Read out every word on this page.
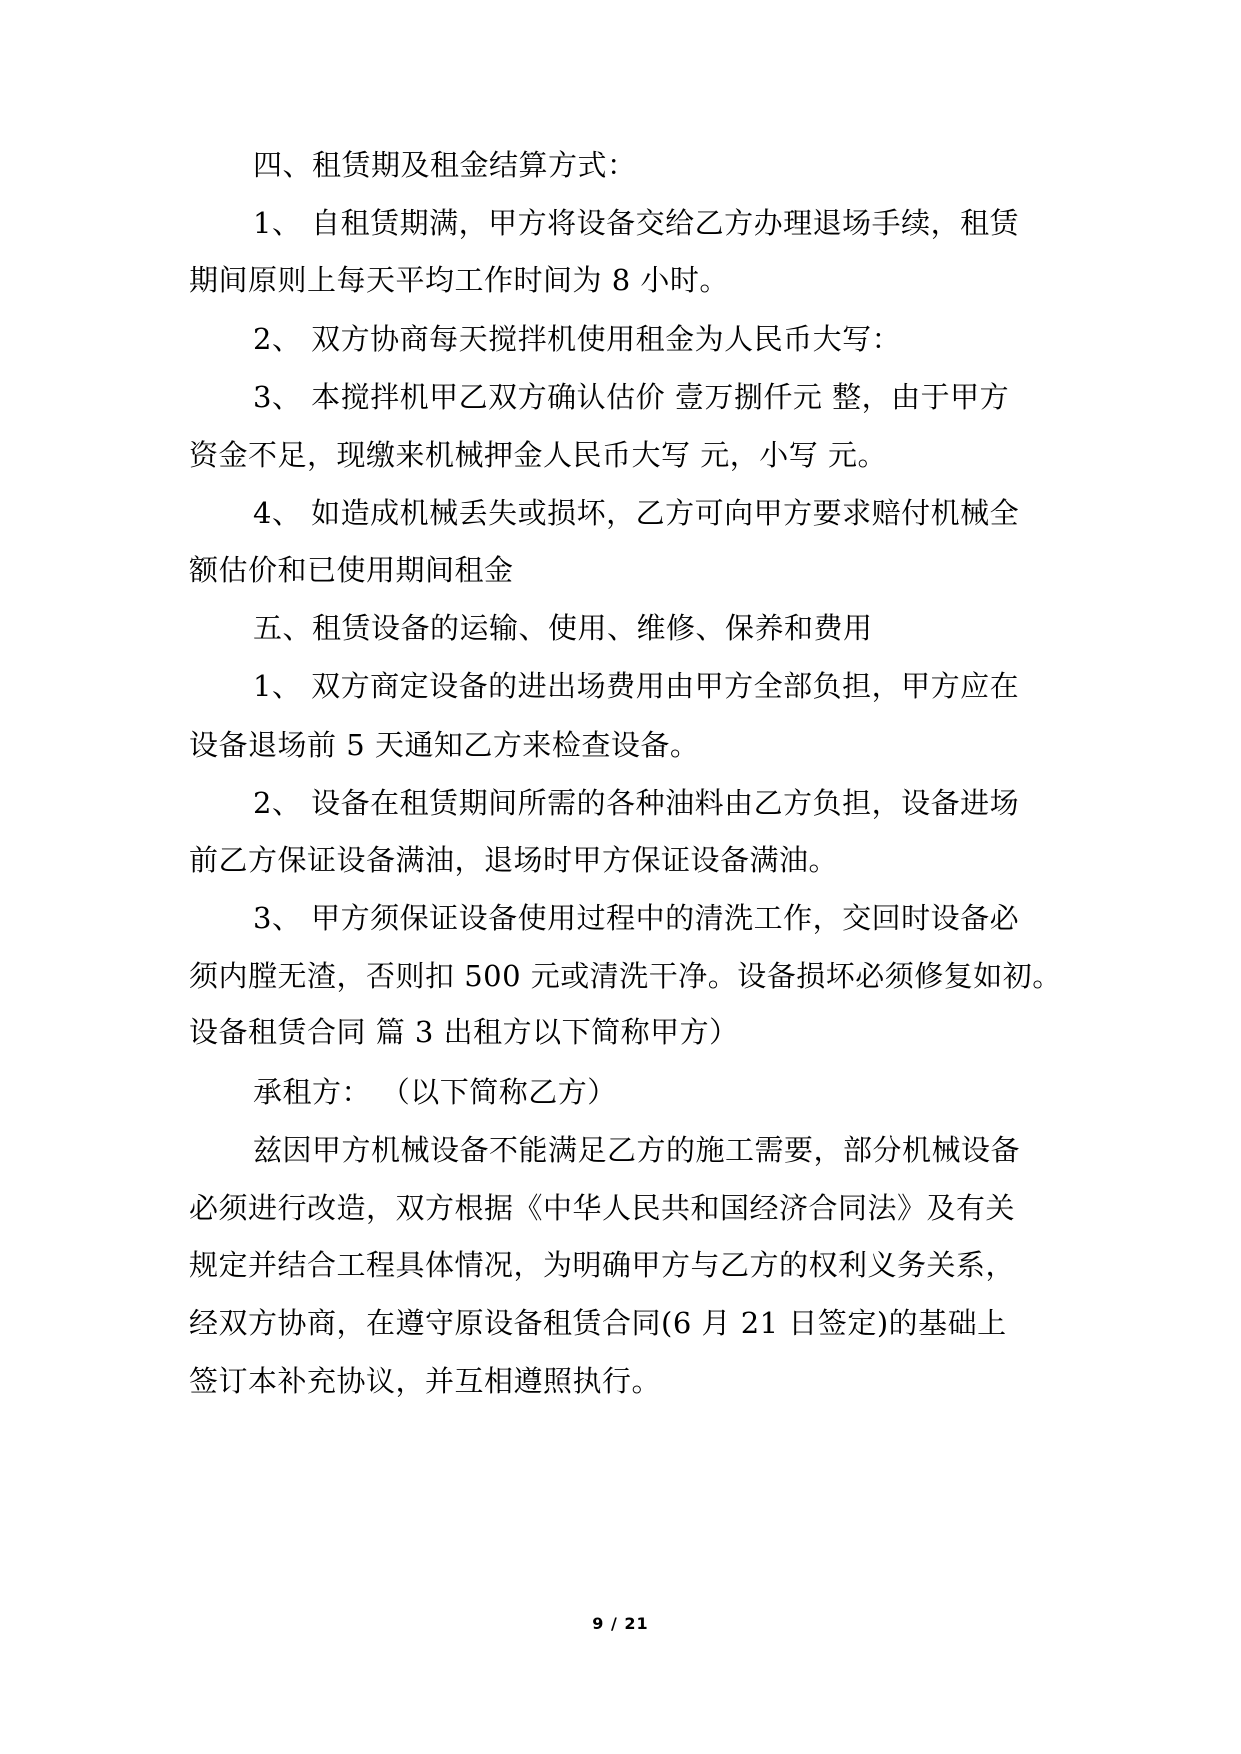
四、租赁期及租金结算方式：
1、 自租赁期满，甲方将设备交给乙方办理退场手续，租赁
期间原则上每天平均工作时间为 8 小时。
2、 双方协商每天搅拌机使用租金为人民币大写：
3、 本搅拌机甲乙双方确认估价 壹万捌仟元 整，由于甲方
资金不足，现缴来机械押金人民币大写 元，小写 元。
4、 如造成机械丢失或损坏，乙方可向甲方要求赔付机械全
额估价和已使用期间租金
五、租赁设备的运输、使用、维修、保养和费用
1、 双方商定设备的进出场费用由甲方全部负担，甲方应在
设备退场前 5 天通知乙方来检查设备。
2、 设备在租赁期间所需的各种油料由乙方负担，设备进场
前乙方保证设备满油，退场时甲方保证设备满油。
3、 甲方须保证设备使用过程中的清洗工作，交回时设备必
须内膛无渣，否则扣 500 元或清洗干净。设备损坏必须修复如初。
设备租赁合同 篇 3 出租方以下简称甲方）
承租方： （以下简称乙方）
兹因甲方机械设备不能满足乙方的施工需要，部分机械设备
必须进行改造，双方根据《中华人民共和国经济合同法》及有关
规定并结合工程具体情况，为明确甲方与乙方的权利义务关系，
经双方协商，在遵守原设备租赁合同(6 月 21 日签定)的基础上
签订本补充协议，并互相遵照执行。
9 / 21
